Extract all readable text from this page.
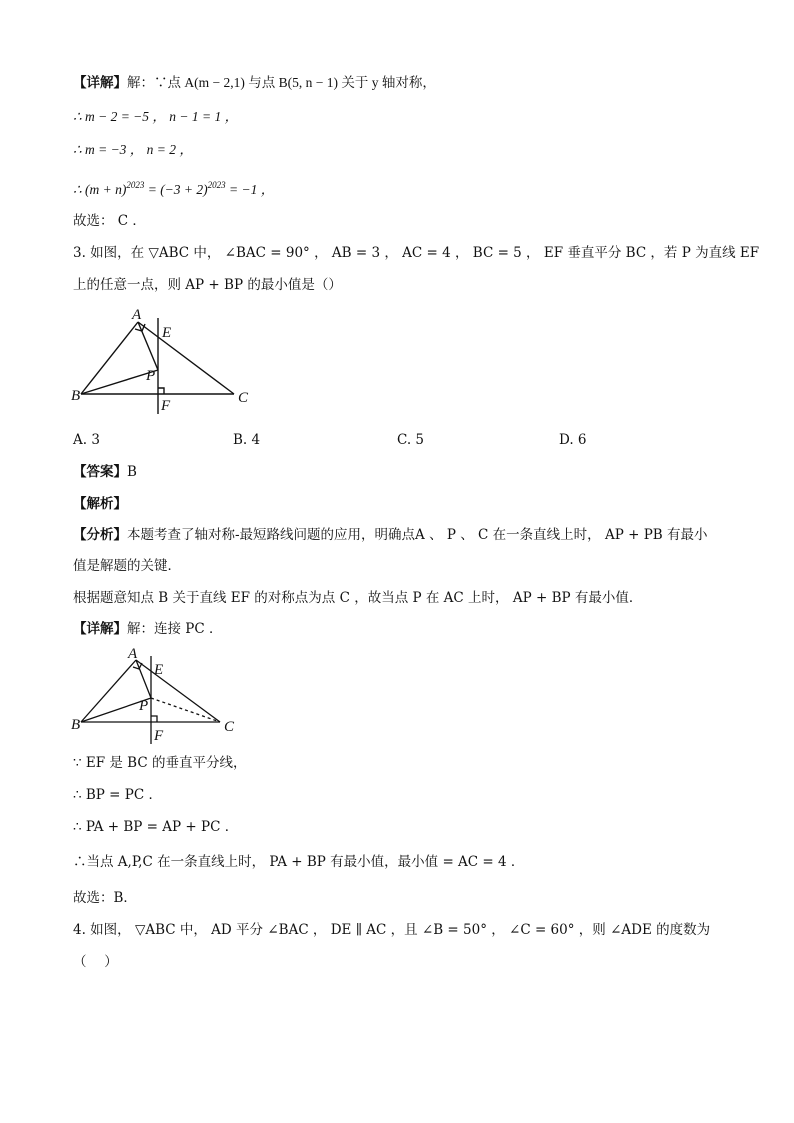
【详解】解：∵点 A(m − 2,1) 与点 B(5, n − 1) 关于 y 轴对称，
∴ m − 2 = −5 ， n − 1 = 1 ，
∴ m = −3 ， n = 2 ，
∴ $(m + n)^{2023} = (-3 + 2)^{2023} = -1$ ，
故选： C ．
3. 如图，在 ▽ABC 中， ∠BAC = 90° ， AB = 3 ， AC = 4 ， BC = 5 ， EF 垂直平分 BC ，若 P 为直线 EF
上的任意一点，则 AP + BP 的最小值是（）
A
E
P
B	C
F
A. 3	B. 4	C. 5	D. 6
【答案】B
【解析】
【分析】本题考查了轴对称-最短路线问题的应用，明确点A 、 P 、 C 在一条直线上时， AP + PB 有最小
值是解题的关键．
根据题意知点 B 关于直线 EF 的对称点为点 C ，故当点 P 在 AC 上时， AP + BP 有最小值．
【详解】解：连接 PC ．
A
E
P
B	C
F
∵ EF 是 BC 的垂直平分线，
∴ BP = PC ．
∴ PA + BP = AP + PC ．
∴当点 A,P,C 在一条直线上时， PA + BP 有最小值，最小值 = AC = 4 ．
故选：B．
4. 如图， ▽ABC 中， AD 平分 ∠BAC ， DE ∥ AC ，且 ∠B = 50° ， ∠C = 60° ，则 ∠ADE 的度数为
（　 ）
